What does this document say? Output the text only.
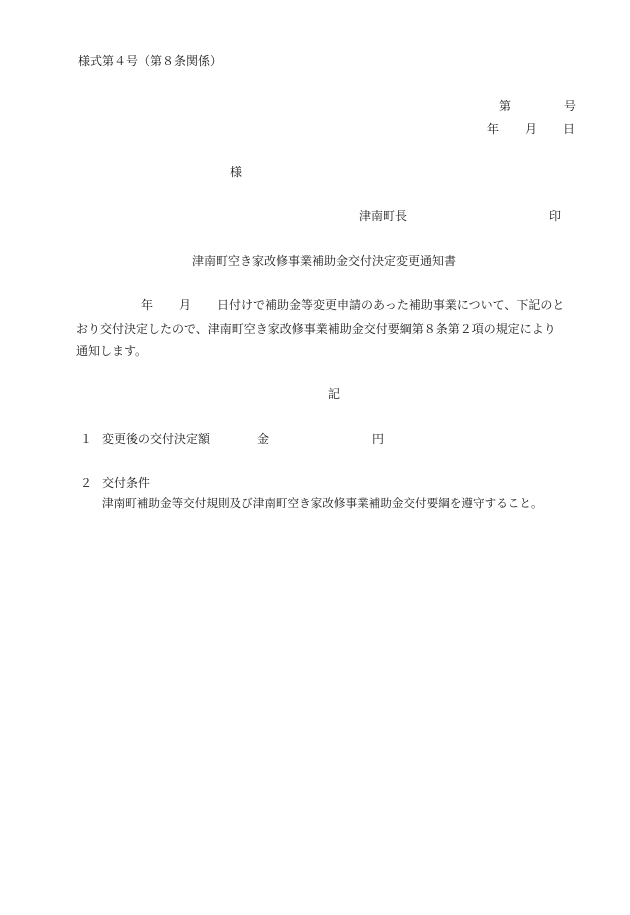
様式第４号（第８条関係）
第	号
年 月 日
様
津南町長	印
津南町空き家改修事業補助金交付決定変更通知書
年 月 日付けで補助金等変更申請のあった補助事業について、下記のと
おり交付決定したので、津南町空き家改修事業補助金交付要綱第８条第２項の規定により
通知します。
記
１ 変更後の交付決定額	金	円
２ 交付条件
津南町補助金等交付規則及び津南町空き家改修事業補助金交付要綱を遵守すること。
